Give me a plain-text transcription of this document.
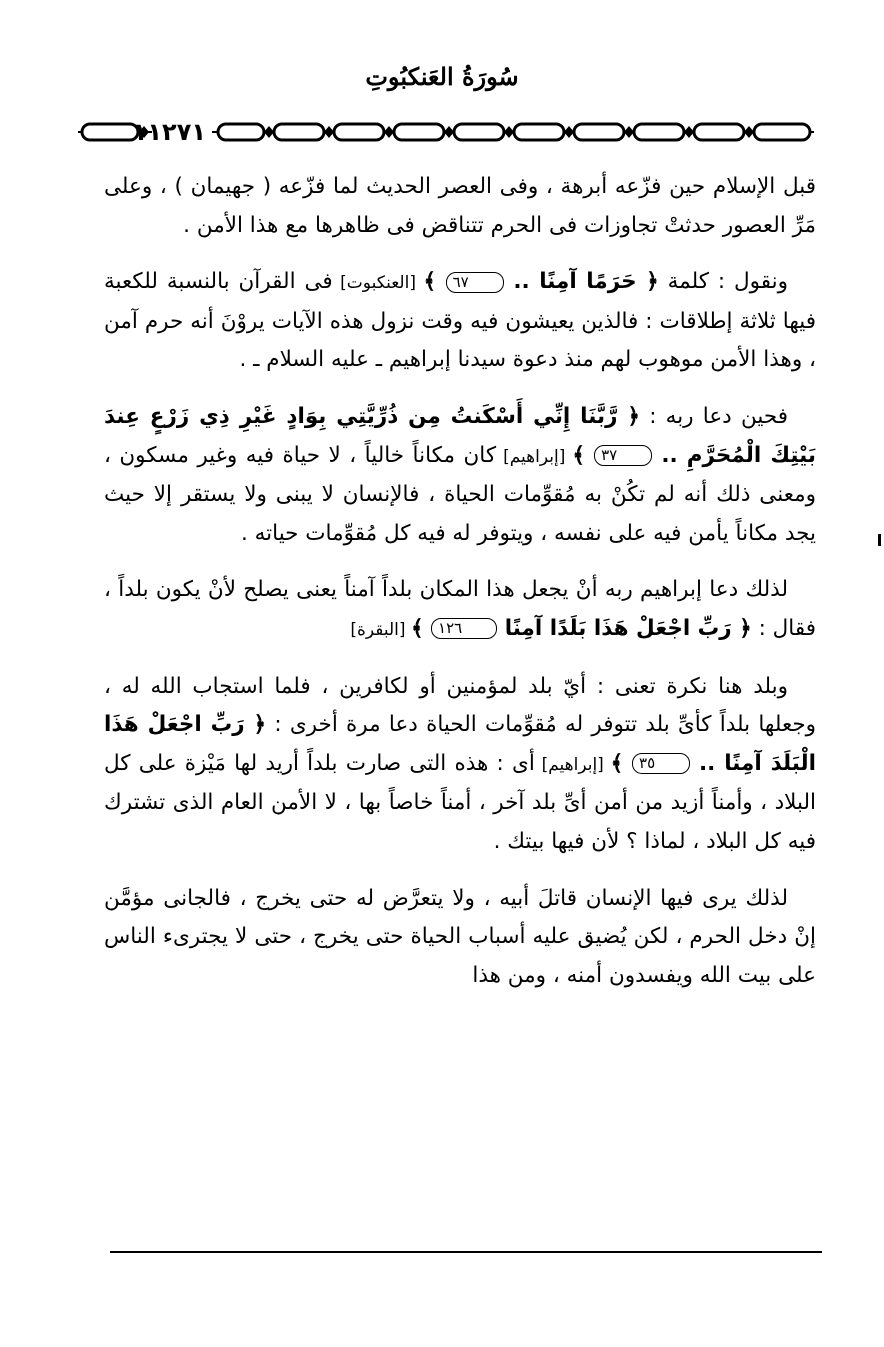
سُورَةُ العَنكبُوتِ
١١٢٧١

قبل الإسلام حين فزّعه أبرهة ، وفى العصر الحديث لما فزّعه ( جهيمان ) ، وعلى مَرِّ العصور حدثتْ تجاوزات فى الحرم تتناقض فى ظاهرها مع هذا الأمن .

ونقول : كلمة ﴿ حَرَمًا آمِنًا .. ٦٧ ﴾ [العنكبوت] فى القرآن بالنسبة للكعبة فيها ثلاثة إطلاقات : فالذين يعيشون فيه وقت نزول هذه الآيات يروْنَ أنه حرم آمن ، وهذا الأمن موهوب لهم منذ دعوة سيدنا إبراهيم ـ عليه السلام ـ .

فحين دعا ربه : ﴿ رَّبَّنَا إِنِّي أَسْكَنتُ مِن ذُرِّيَّتِي بِوَادٍ غَيْرِ ذِي زَرْعٍ عِندَ بَيْتِكَ الْمُحَرَّمِ .. ٣٧ ﴾ [إبراهيم] كان مكاناً خالياً ، لا حياة فيه وغير مسكون ، ومعنى ذلك أنه لم تكُنْ به مُقوِّمات الحياة ، فالإنسان لا يبنى ولا يستقر إلا حيث يجد مكاناً يأمن فيه على نفسه ، ويتوفر له فيه كل مُقوِّمات حياته .

لذلك دعا إبراهيم ربه أنْ يجعل هذا المكان بلداً آمناً يعنى يصلح لأنْ يكون بلداً ، فقال : ﴿ رَبِّ اجْعَلْ هَذَا بَلَدًا آمِنًا ١٢٦ ﴾ [البقرة]

وبلد هنا نكرة تعنى : أيّ بلد لمؤمنين أو لكافرين ، فلما استجاب الله له ، وجعلها بلداً كأىِّ بلد تتوفر له مُقوِّمات الحياة دعا مرة أخرى : ﴿ رَبِّ اجْعَلْ هَذَا الْبَلَدَ آمِنًا .. ٣٥ ﴾ [إبراهيم] أى : هذه التى صارت بلداً أريد لها مَيْزة على كل البلاد ، وأمناً أزيد من أمن أىِّ بلد آخر ، أمناً خاصاً بها ، لا الأمن العام الذى تشترك فيه كل البلاد ، لماذا ؟ لأن فيها بيتك .

لذلك يرى فيها الإنسان قاتلَ أبيه ، ولا يتعرَّض له حتى يخرج ، فالجانى مؤمَّن إنْ دخل الحرم ، لكن يُضيق عليه أسباب الحياة حتى يخرج ، حتى لا يجترىء الناس على بيت الله ويفسدون أمنه ، ومن هذا
